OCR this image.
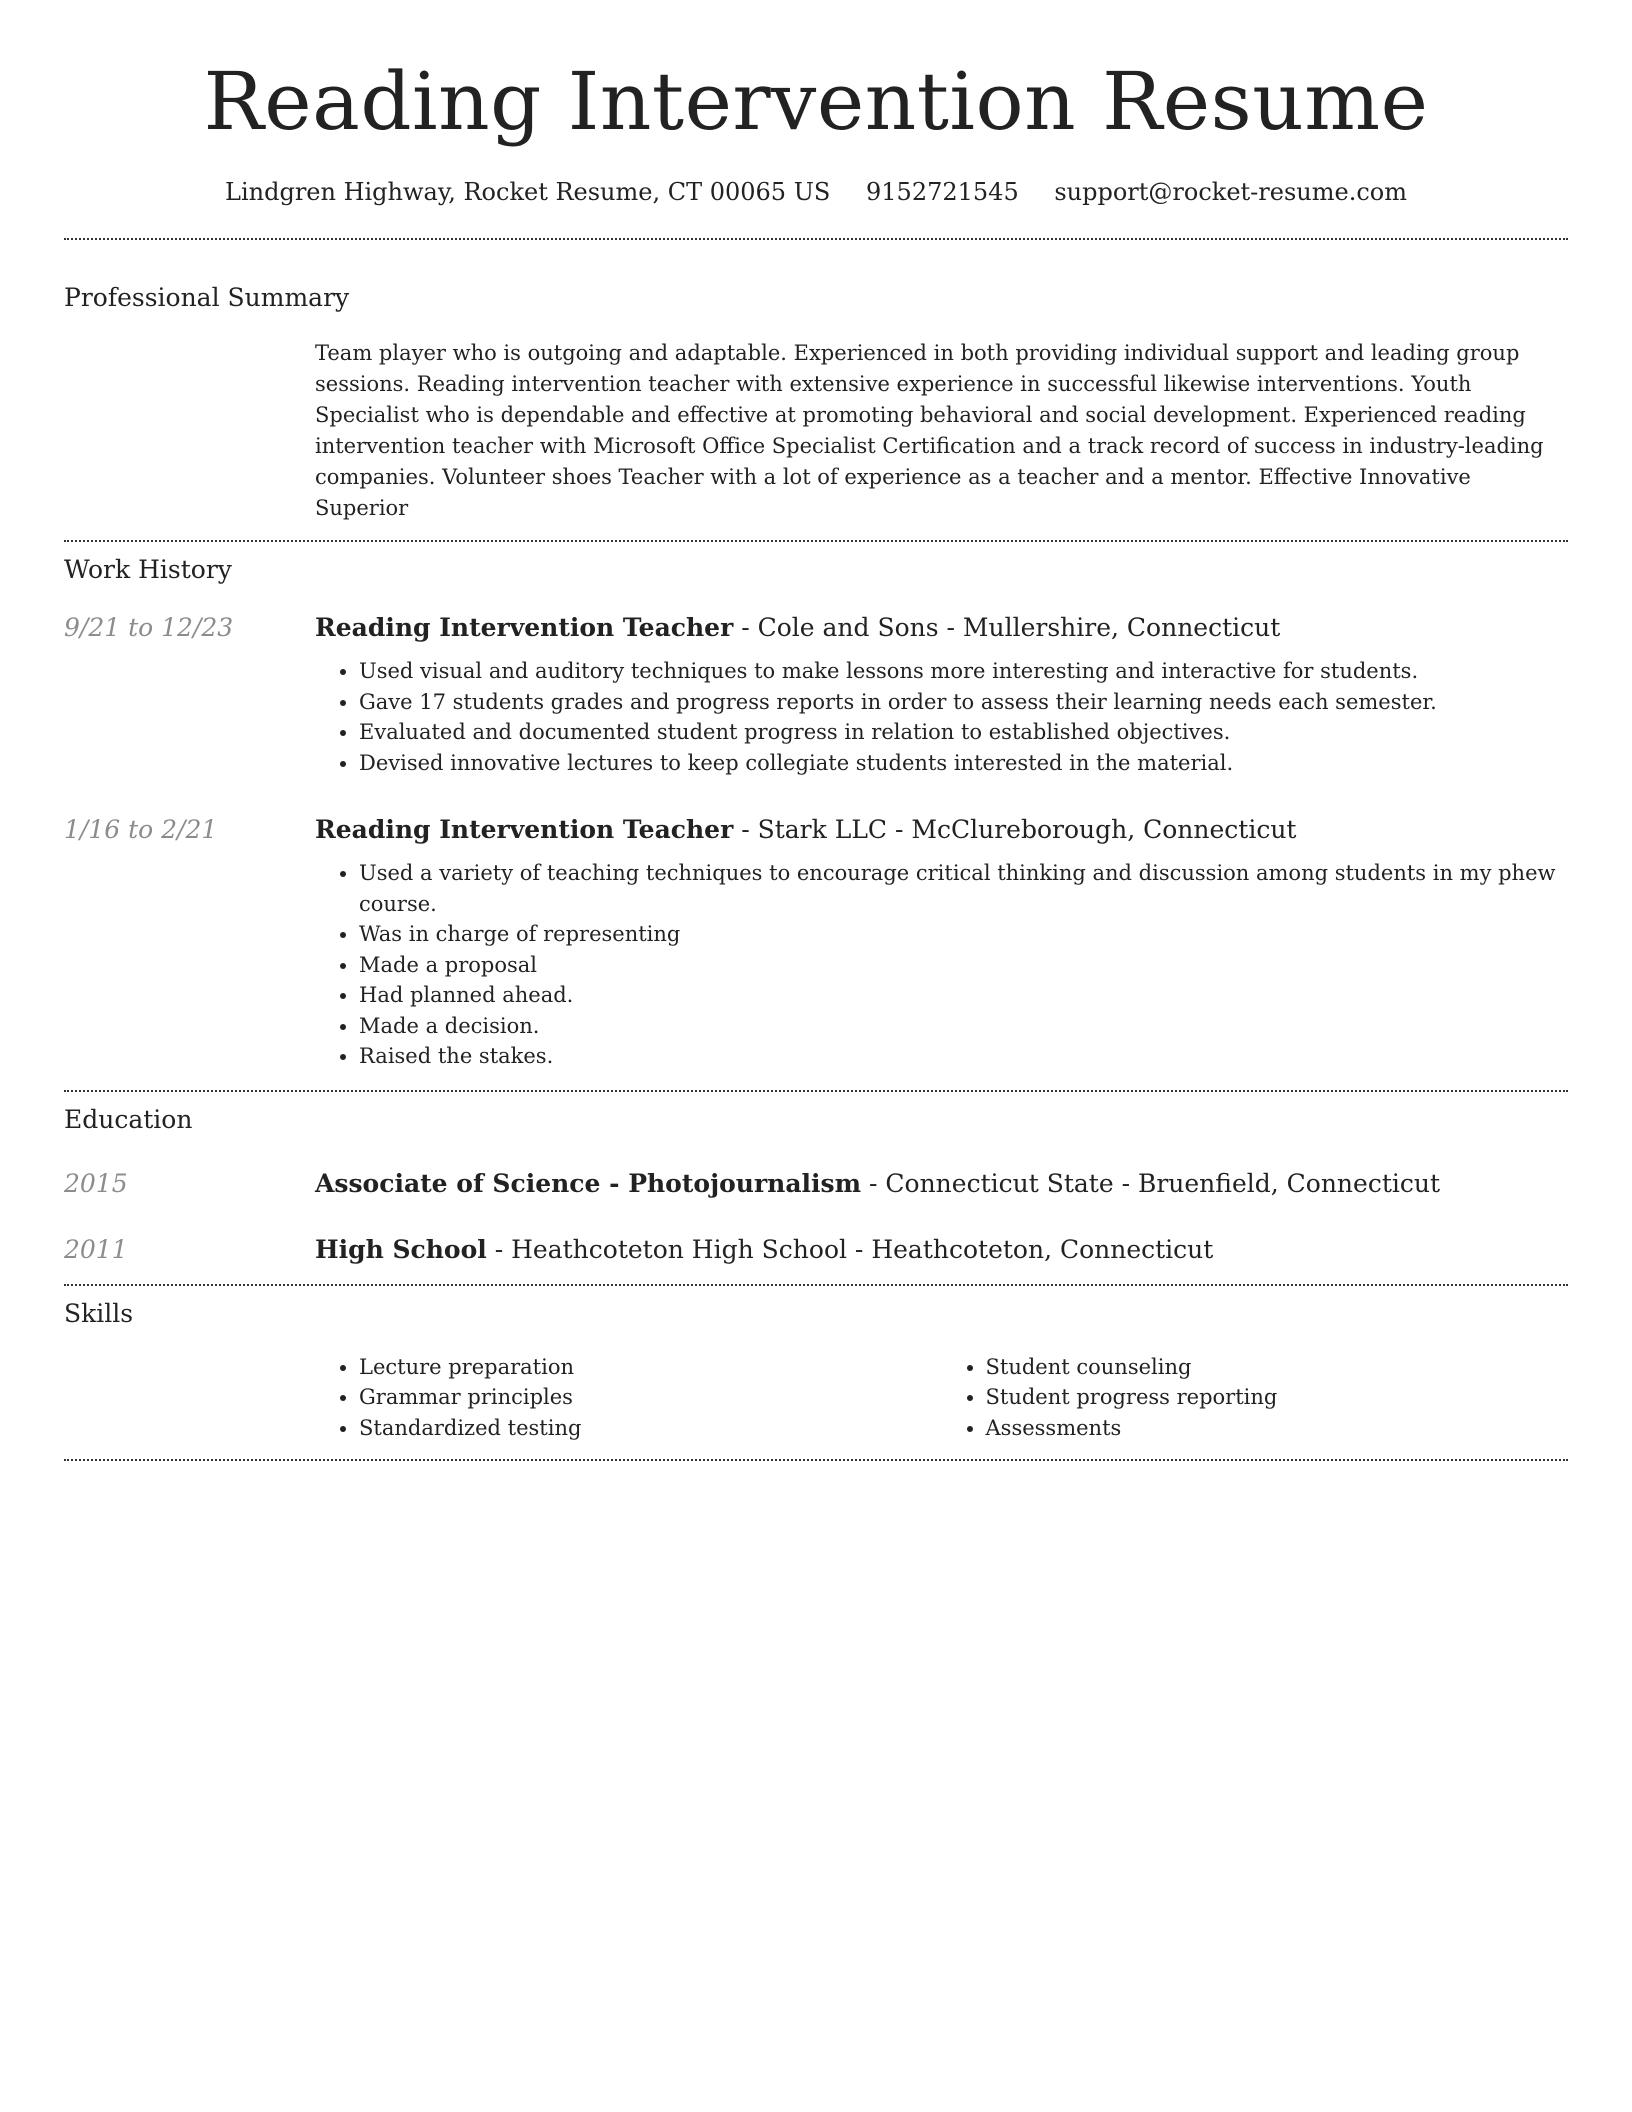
Reading Intervention Resume
Lindgren Highway, Rocket Resume, CT 00065 US 9152721545 support@rocket-resume.com
Professional Summary

Team player who is outgoing and adaptable. Experienced in both providing individual support and leading group sessions. Reading intervention teacher with extensive experience in successful likewise interventions. Youth Specialist who is dependable and effective at promoting behavioral and social development. Experienced reading intervention teacher with Microsoft Office Specialist Certification and a track record of success in industry-leading companies. Volunteer shoes Teacher with a lot of experience as a teacher and a mentor. Effective Innovative Superior

Work History
9/21 to 12/23	Reading Intervention Teacher - Cole and Sons - Mullershire, Connecticut
• Used visual and auditory techniques to make lessons more interesting and interactive for students.
• Gave 17 students grades and progress reports in order to assess their learning needs each semester.
• Evaluated and documented student progress in relation to established objectives.
• Devised innovative lectures to keep collegiate students interested in the material.
1/16 to 2/21	Reading Intervention Teacher - Stark LLC - McClureborough, Connecticut
• Used a variety of teaching techniques to encourage critical thinking and discussion among students in my phew course.
• Was in charge of representing
• Made a proposal
• Had planned ahead.
• Made a decision.
• Raised the stakes.
Education
2015	Associate of Science - Photojournalism - Connecticut State - Bruenfield, Connecticut
2011	High School - Heathcoteton High School - Heathcoteton, Connecticut
Skills
• Lecture preparation
• Grammar principles
• Standardized testing
• Student counseling
• Student progress reporting
• Assessments
